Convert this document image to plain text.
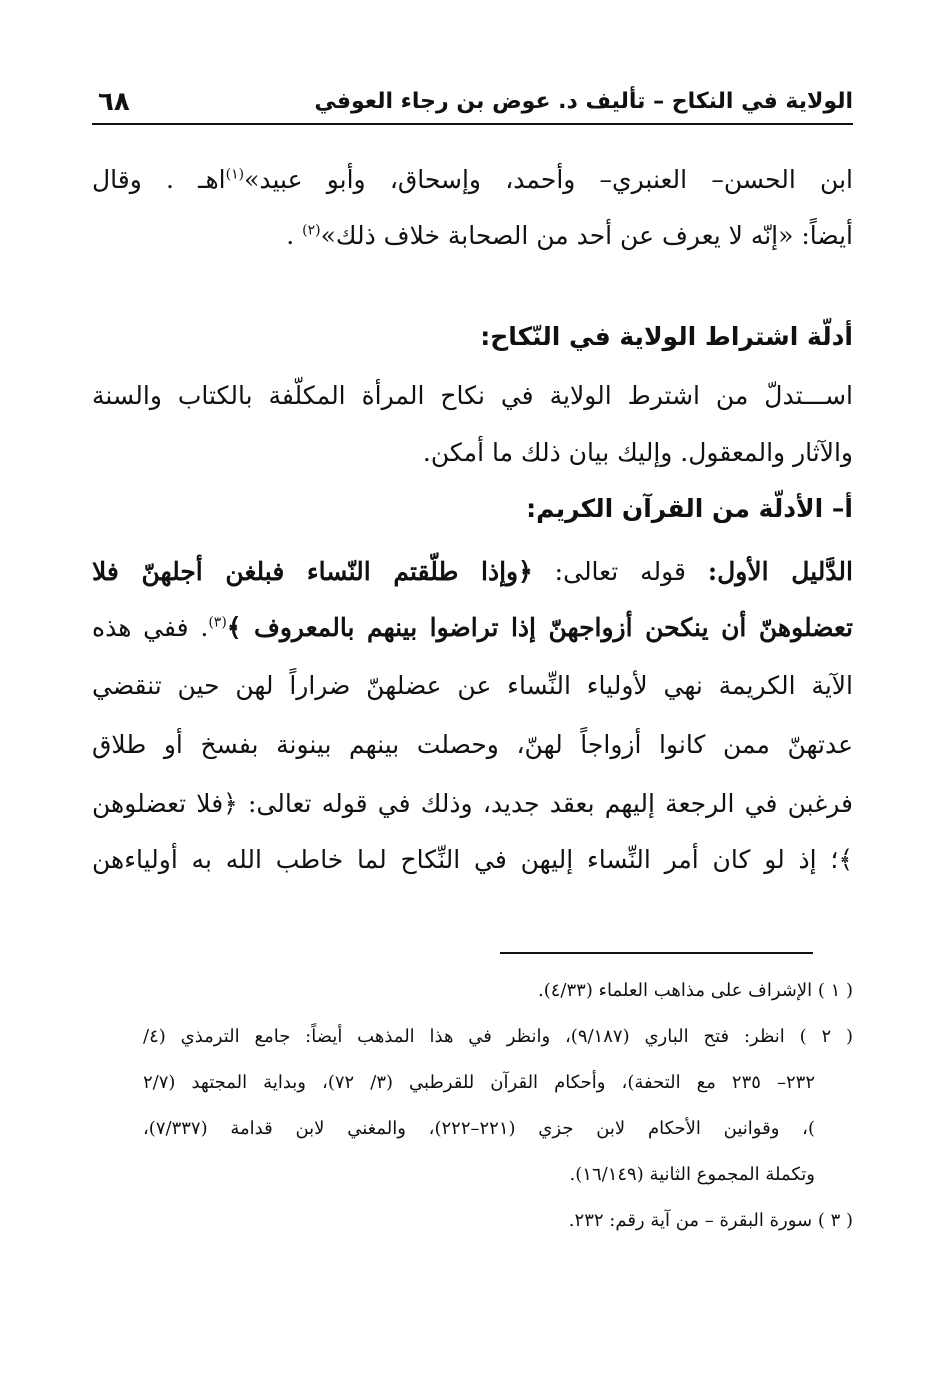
الولاية في النكاح – تأليف د. عوض بن رجاء العوفي
٦٨
ابن الحسن– العنبري– وأحمد، وإسحاق، وأبو عبيد»$^{(١)}$اهـ . وقال
أيضاً: «إنّه لا يعرف عن أحد من الصحابة خلاف ذلك»$^{(٢)}$ .
أدلّة اشتراط الولاية في النّكاح:
اســـتدلّ من اشترط الولاية في نكاح المرأة المكلّفة بالكتاب والسنة
والآثار والمعقول. وإليك بيان ذلك ما أمكن.
أ– الأدلّة من القرآن الكريم:
الدَّليل الأول: قوله تعالى: ﴿وإذا طلّقتم النّساء فبلغن أجلهنّ فلا
تعضلوهنّ أن ينكحن أزواجهنّ إذا تراضوا بينهم بالمعروف ﴾$^{(٣)}$. ففي هذه
الآية الكريمة نهي لأولياء النِّساء عن عضلهنّ ضراراً لهن حين تنقضي
عدتهنّ ممن كانوا أزواجاً لهنّ، وحصلت بينهم بينونة بفسخ أو طلاق
فرغبن في الرجعة إليهم بعقد جديد، وذلك في قوله تعالى: ﴿فلا تعضلوهن
﴾؛ إذ لو كان أمر النِّساء إليهن في النِّكاح لما خاطب الله به أولياءهن
( ١ ) الإشراف على مذاهب العلماء (٤/٣٣).
( ٢ ) انظر: فتح الباري (٩/١٨٧)، وانظر في هذا المذهب أيضاً: جامع الترمذي (٤/
٢٣٢– ٢٣٥ مع التحفة)، وأحكام القرآن للقرطبي (٣/ ٧٢)، وبداية المجتهد (٢/٧
)، وقوانين الأحكام لابن جزي (٢٢١–٢٢٢)، والمغني لابن قدامة (٧/٣٣٧)،
وتكملة المجموع الثانية (١٦/١٤٩).
( ٣ ) سورة البقرة – من آية رقم: ٢٣٢.
